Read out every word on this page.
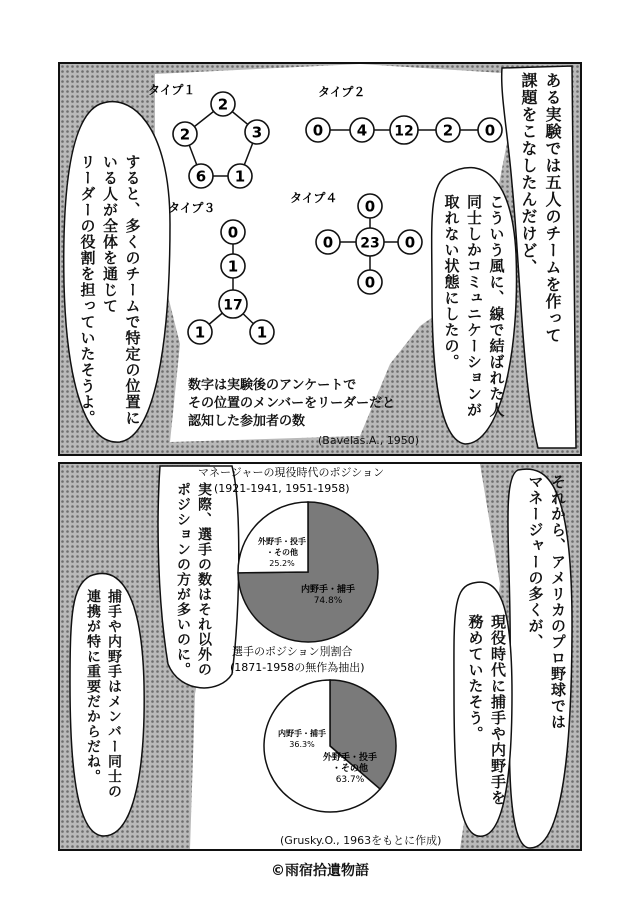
2
3
1
6
2	0 4 12 2 0
0
1
17
1	1
0
0 23 0
0
タイプ１	タイプ２
タイプ３
タイプ４	ある実験では五人のチームを作って
課題をこなしたんだけど、
こういう風に、線で結ばれた人
同士しかコミュニケーションが
取れない状態にしたの。
すると、多くのチームで特定の位置に
いる人が全体を通じて
リーダーの役割を担っていたそうよ。	数字は実験後のアンケートで
その位置のメンバーをリーダーだと
認知した参加者の数
(Bavelas.A., 1950)
内野手・捕手
74.8%
外野手・投手
・その他
25.2%
内野手・捕手
36.3%
外野手・投手
・その他
63.7%
マネージャーの現役時代のポジション
(1921-1941, 1951-1958)
選手のポジション別割合
(1871-1958の無作為抽出)	それから、アメリカのプロ野球では
マネージャーの多くが、
現役時代に捕手や内野手を
務めていたそう。
実際、選手の数はそれ以外の
ポジションの方が多いのに。
捕手や内野手はメンバー同士の
連携が特に重要だからだね。
(Grusky.O., 1963をもとに作成)
©雨宿拾遺物語
